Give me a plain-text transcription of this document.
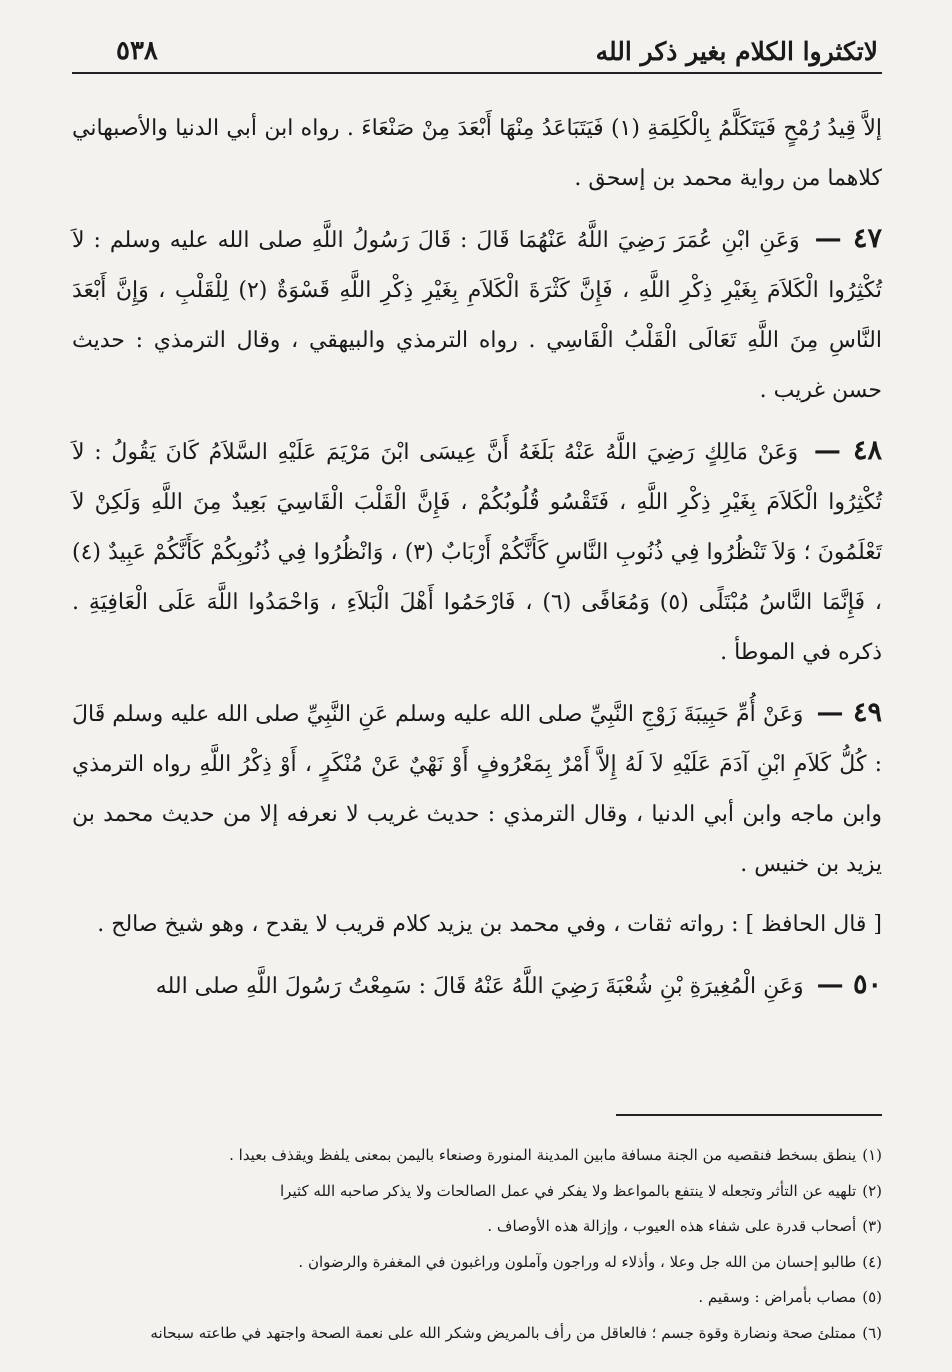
لاتكثروا الكلام بغير ذكر الله
٥٣٨

إلاَّ قِيدُ رُمْحٍ فَيَتَكَلَّمُ بِالْكَلِمَةِ (١) فَيَتَبَاعَدُ مِنْهَا أَبْعَدَ مِنْ صَنْعَاءَ . رواه ابن أبي الدنيا والأصبهاني كلاهما من رواية محمد بن إسحق .

٤٧ — وَعَنِ ابْنِ عُمَرَ رَضِيَ اللَّهُ عَنْهُمَا قَالَ : قَالَ رَسُولُ اللَّهِ صلى الله عليه وسلم : لاَ تُكْثِرُوا الْكَلاَمَ بِغَيْرِ ذِكْرِ اللَّهِ ، فَإِنَّ كَثْرَةَ الْكَلاَمِ بِغَيْرِ ذِكْرِ اللَّهِ قَسْوَةٌ (٢) لِلْقَلْبِ ، وَإِنَّ أَبْعَدَ النَّاسِ مِنَ اللَّهِ تَعَالَى الْقَلْبُ الْقَاسِي . رواه الترمذي والبيهقي ، وقال الترمذي : حديث حسن غريب .

٤٨ — وَعَنْ مَالِكٍ رَضِيَ اللَّهُ عَنْهُ بَلَغَهُ أَنَّ عِيسَى ابْنَ مَرْيَمَ عَلَيْهِ السَّلاَمُ كَانَ يَقُولُ : لاَ تُكْثِرُوا الْكَلاَمَ بِغَيْرِ ذِكْرِ اللَّهِ ، فَتَقْسُو قُلُوبُكُمْ ، فَإِنَّ الْقَلْبَ الْقَاسِيَ بَعِيدٌ مِنَ اللَّهِ وَلَكِنْ لاَ تَعْلَمُونَ ؛ وَلاَ تَنْظُرُوا فِي ذُنُوبِ النَّاسِ كَأَنَّكُمْ أَرْبَابٌ (٣) ، وَانْظُرُوا فِي ذُنُوبِكُمْ كَأَنَّكُمْ عَبِيدٌ (٤) ، فَإِنَّمَا النَّاسُ مُبْتَلًى (٥) وَمُعَافًى (٦) ، فَارْحَمُوا أَهْلَ الْبَلاَءِ ، وَاحْمَدُوا اللَّهَ عَلَى الْعَافِيَةِ . ذكره في الموطأ .

٤٩ — وَعَنْ أُمِّ حَبِيبَةَ زَوْجِ النَّبِيِّ صلى الله عليه وسلم عَنِ النَّبِيِّ صلى الله عليه وسلم قَالَ : كُلُّ كَلاَمِ ابْنِ آدَمَ عَلَيْهِ لاَ لَهُ إِلاَّ أَمْرٌ بِمَعْرُوفٍ أَوْ نَهْيٌ عَنْ مُنْكَرٍ ، أَوْ ذِكْرُ اللَّهِ رواه الترمذي وابن ماجه وابن أبي الدنيا ، وقال الترمذي : حديث غريب لا نعرفه إلا من حديث محمد بن يزيد بن خنيس .

[ قال الحافظ ] : رواته ثقات ، وفي محمد بن يزيد كلام قريب لا يقدح ، وهو شيخ صالح .

٥٠ — وَعَنِ الْمُغِيرَةِ بْنِ شُعْبَةَ رَضِيَ اللَّهُ عَنْهُ قَالَ : سَمِعْتُ رَسُولَ اللَّهِ صلى الله

(١)ينطق بسخط فنقصيه من الجنة مسافة مابين المدينة المنورة وصنعاء باليمن بمعنى يلفظ ويقذف بعيدا .
(٢)تلهيه عن التأثر وتجعله لا ينتفع بالمواعظ ولا يفكر في عمل الصالحات ولا يذكر صاحبه الله كثيرا
(٣)أصحاب قدرة على شفاء هذه العيوب ، وإزالة هذه الأوصاف .
(٤)طالبو إحسان من الله جل وعلا ، وأذلاء له وراجون وآملون وراغبون في المغفرة والرضوان .
(٥)مصاب بأمراض : وسقيم .
(٦)ممتلئ صحة ونضارة وقوة جسم ؛ فالعاقل من رأف بالمريض وشكر الله على نعمة الصحة واجتهد في طاعته سبحانه
